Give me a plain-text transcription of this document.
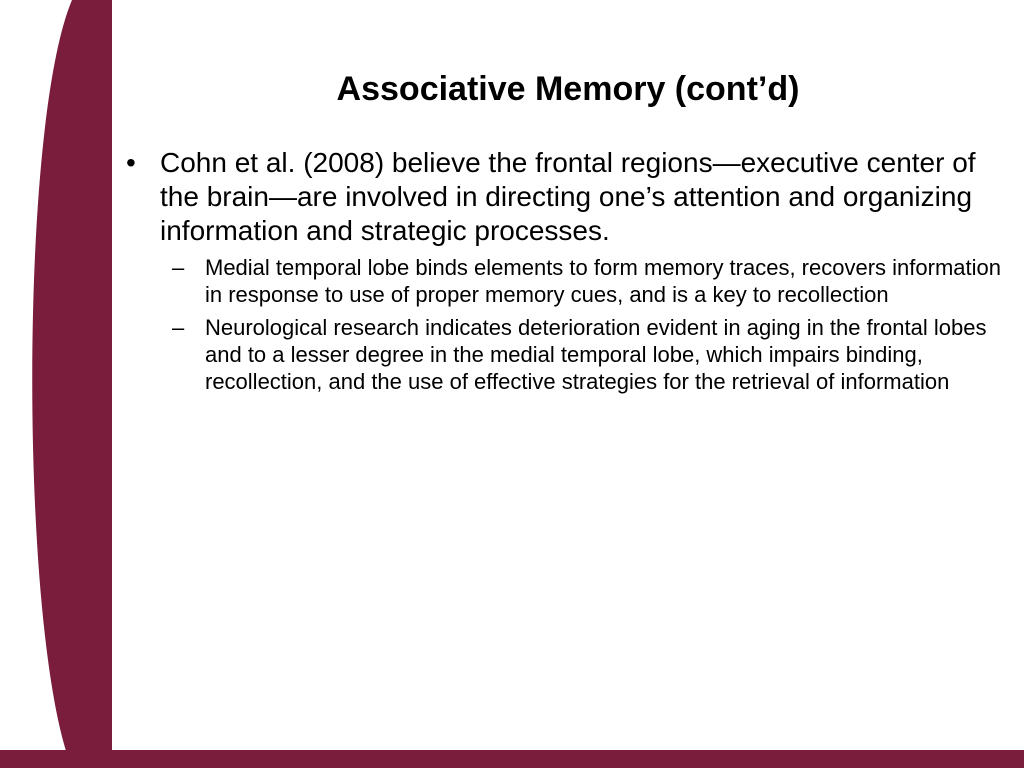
Associative Memory (cont’d)
• Cohn et al. (2008) believe the frontal regions—executive center of the brain—are involved in directing one’s attention and organizing information and strategic processes.
– Medial temporal lobe binds elements to form memory traces, recovers information in response to use of proper memory cues, and is a key to recollection
– Neurological research indicates deterioration evident in aging in the frontal lobes and to a lesser degree in the medial temporal lobe, which impairs binding, recollection, and the use of effective strategies for the retrieval of information
